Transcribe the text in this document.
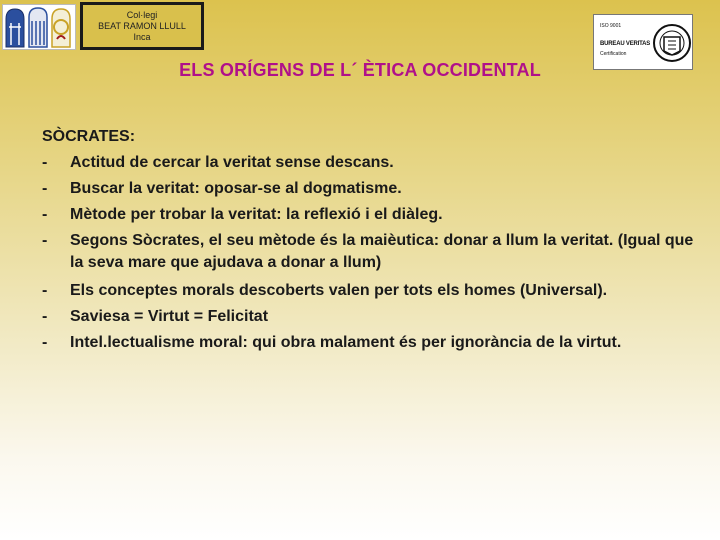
Col·legi
BEAT RAMON LLULL
Inca
ISO 9001
BUREAU VERITAS
Certification
ELS ORÍGENS DE L´ ÈTICA OCCIDENTAL
SÒCRATES:
- Actitud de cercar la veritat sense descans.
- Buscar la veritat: oposar-se al dogmatisme.
- Mètode per trobar la veritat: la reflexió i el diàleg.
- Segons Sòcrates, el seu mètode és la maièutica: donar a llum la veritat. (Igual que la seva mare que ajudava a donar a llum)
- Els conceptes morals descoberts valen per tots els homes (Universal).
- Saviesa = Virtut = Felicitat
- Intel.lectualisme moral: qui obra malament és per ignorància de la virtut.
